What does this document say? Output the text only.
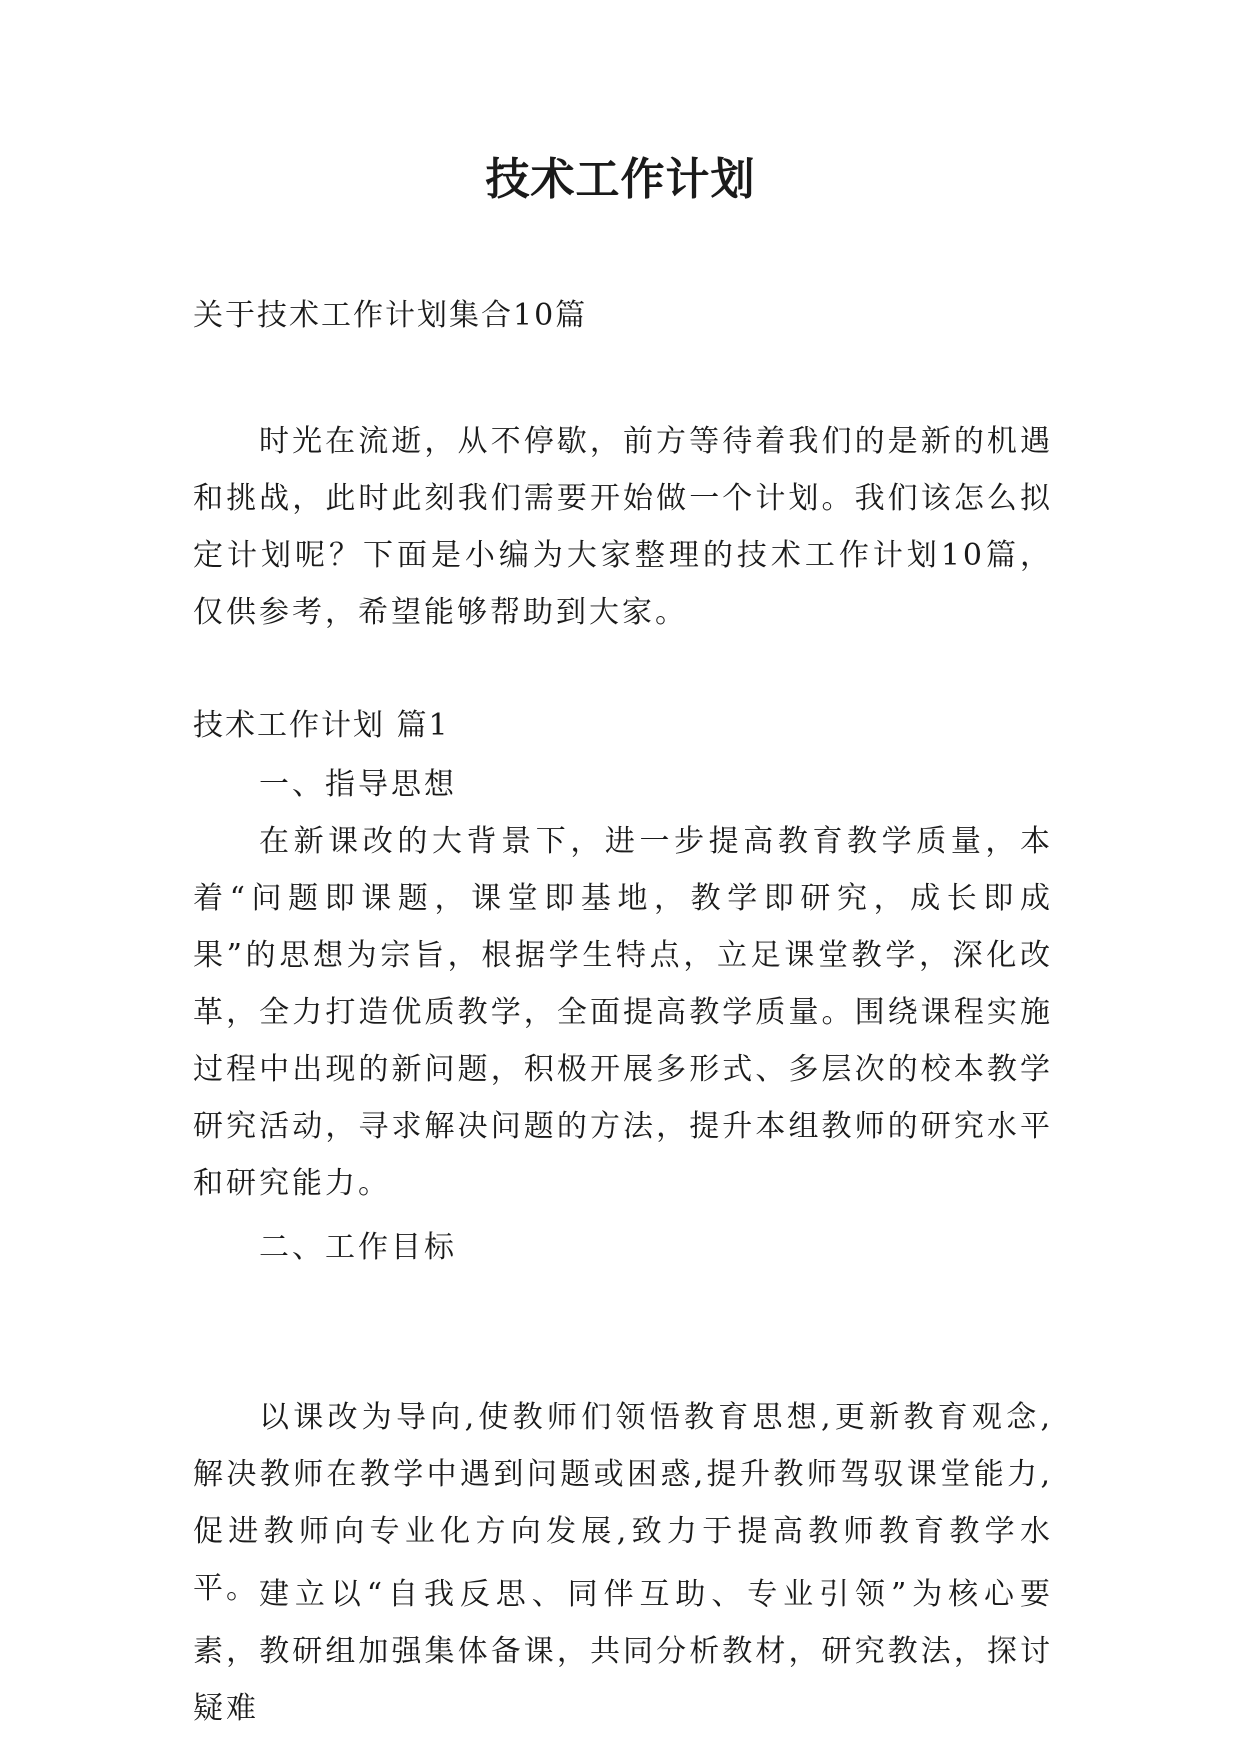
技术工作计划

关于技术工作计划集合10篇

时光在流逝，从不停歇，前方等待着我们的是新的机遇和挑战，此时此刻我们需要开始做一个计划。我们该怎么拟定计划呢？下面是小编为大家整理的技术工作计划10篇，仅供参考，希望能够帮助到大家。

技术工作计划 篇1

一、指导思想

在新课改的大背景下，进一步提高教育教学质量，本着“问题即课题，课堂即基地，教学即研究，成长即成果”的思想为宗旨，根据学生特点，立足课堂教学，深化改革，全力打造优质教学，全面提高教学质量。围绕课程实施过程中出现的新问题，积极开展多形式、多层次的校本教学研究活动，寻求解决问题的方法，提升本组教师的研究水平和研究能力。

二、工作目标

以课改为导向,使教师们领悟教育思想,更新教育观念,解决教师在教学中遇到问题或困惑,提升教师驾驭课堂能力,促进教师向专业化方向发展,致力于提高教师教育教学水平。 建立以“自我反思、同伴互助、专业引领”为核心要素，教研组加强集体备课，共同分析教材，研究教法，探讨疑难
